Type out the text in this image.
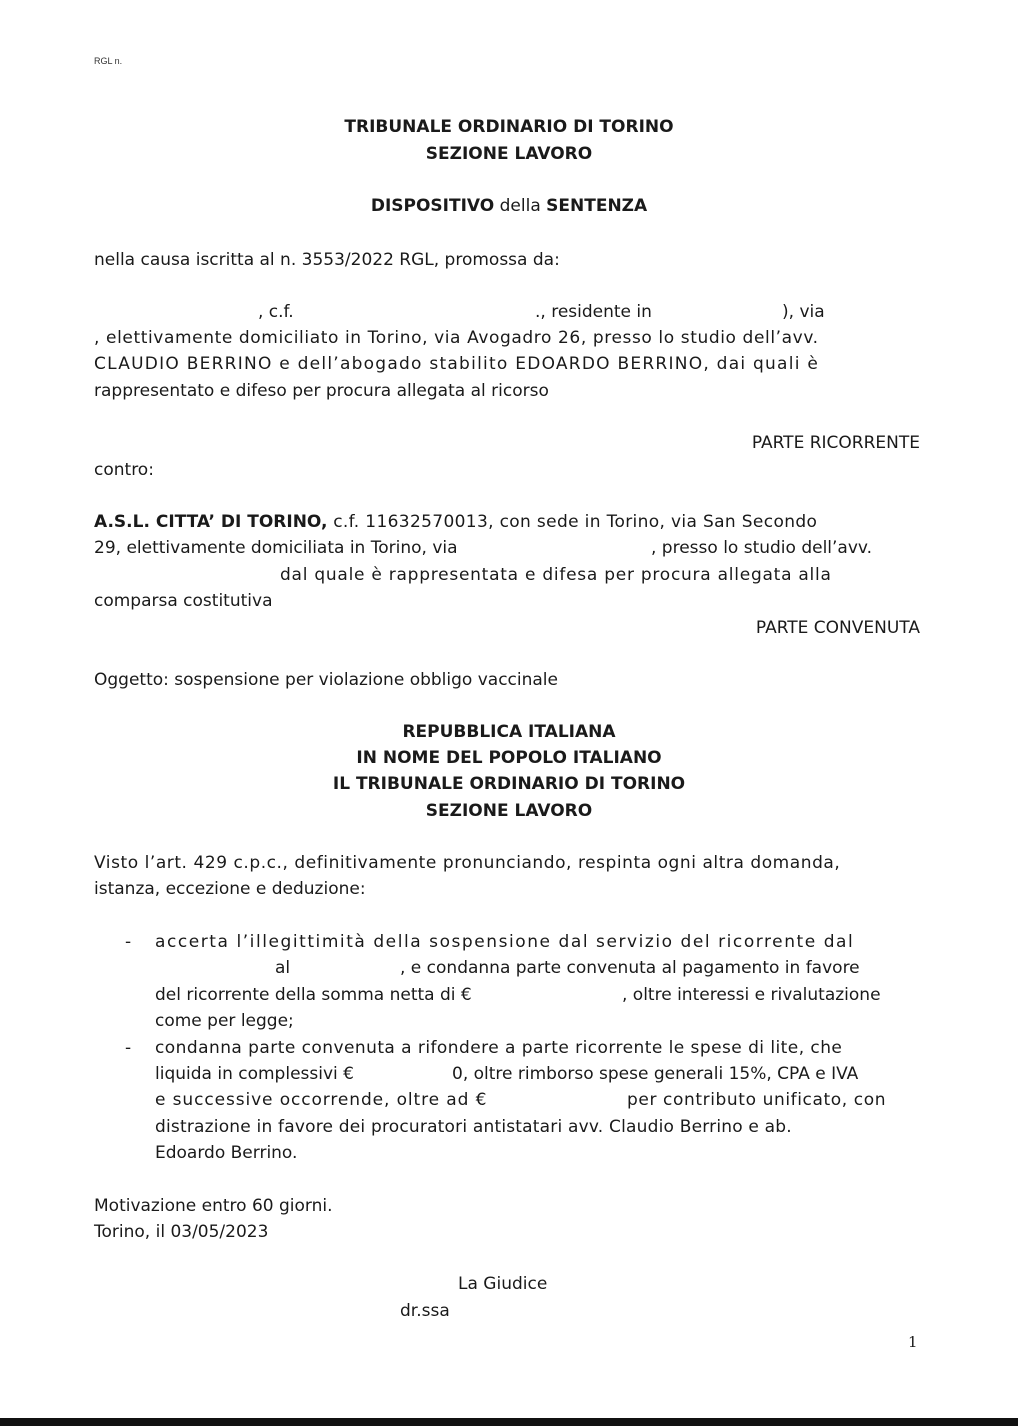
RGL n.
TRIBUNALE ORDINARIO DI TORINO
SEZIONE LAVORO
DISPOSITIVO della SENTENZA
nella causa iscritta al n. 3553/2022 RGL, promossa da:
, c.f.	., residente in	), via
, elettivamente domiciliato in Torino, via Avogadro 26, presso lo studio dell’avv.
CLAUDIO BERRINO e dell’abogado stabilito EDOARDO BERRINO, dai quali è
rappresentato e difeso per procura allegata al ricorso
PARTE RICORRENTE
contro:
A.S.L. CITTA’ DI TORINO, c.f. 11632570013, con sede in Torino, via San Secondo
29, elettivamente domiciliata in Torino, via	, presso lo studio dell’avv.
dal quale è rappresentata e difesa per procura allegata alla
comparsa costitutiva
PARTE CONVENUTA
Oggetto: sospensione per violazione obbligo vaccinale
REPUBBLICA ITALIANA
IN NOME DEL POPOLO ITALIANO
IL TRIBUNALE ORDINARIO DI TORINO
SEZIONE LAVORO
Visto l’art. 429 c.p.c., definitivamente pronunciando, respinta ogni altra domanda,
istanza, eccezione e deduzione:
- accerta l’illegittimità della sospensione dal servizio del ricorrente dal
al	, e condanna parte convenuta al pagamento in favore
del ricorrente della somma netta di €	, oltre interessi e rivalutazione
come per legge;
- condanna parte convenuta a rifondere a parte ricorrente le spese di lite, che
liquida in complessivi €	0, oltre rimborso spese generali 15%, CPA e IVA
e successive occorrende, oltre ad €	per contributo unificato, con
distrazione in favore dei procuratori antistatari avv. Claudio Berrino e ab.
Edoardo Berrino.
Motivazione entro 60 giorni.
Torino, il 03/05/2023
La Giudice
dr.ssa
1
